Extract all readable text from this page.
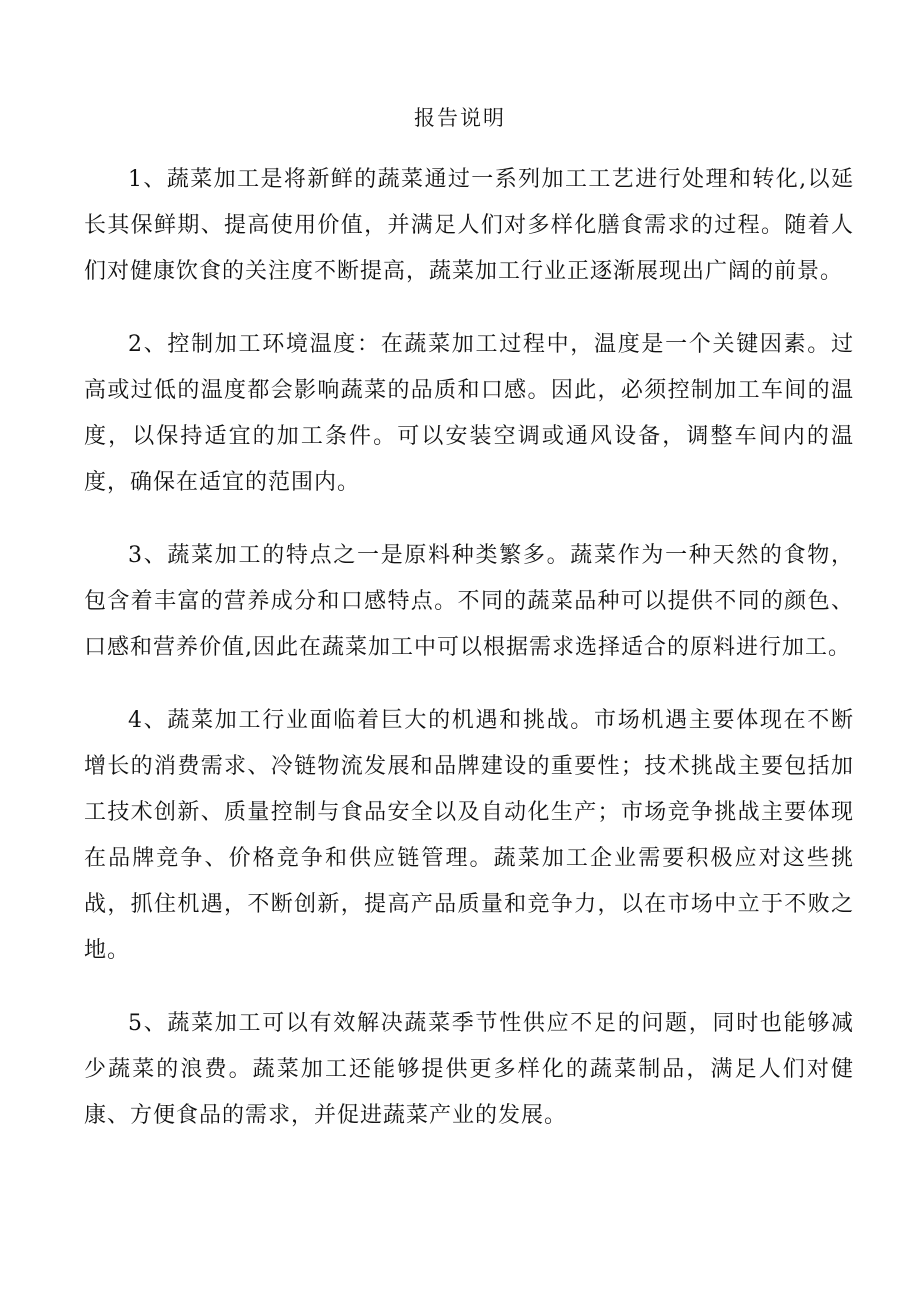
报告说明

1、蔬菜加工是将新鲜的蔬菜通过一系列加工工艺进行处理和转化,以延长其保鲜期、提高使用价值，并满足人们对多样化膳食需求的过程。随着人们对健康饮食的关注度不断提高，蔬菜加工行业正逐渐展现出广阔的前景。

2、控制加工环境温度：在蔬菜加工过程中，温度是一个关键因素。过高或过低的温度都会影响蔬菜的品质和口感。因此，必须控制加工车间的温度，以保持适宜的加工条件。可以安装空调或通风设备，调整车间内的温度，确保在适宜的范围内。

3、蔬菜加工的特点之一是原料种类繁多。蔬菜作为一种天然的食物，包含着丰富的营养成分和口感特点。不同的蔬菜品种可以提供不同的颜色、口感和营养价值,因此在蔬菜加工中可以根据需求选择适合的原料进行加工。

4、蔬菜加工行业面临着巨大的机遇和挑战。市场机遇主要体现在不断增长的消费需求、冷链物流发展和品牌建设的重要性；技术挑战主要包括加工技术创新、质量控制与食品安全以及自动化生产；市场竞争挑战主要体现在品牌竞争、价格竞争和供应链管理。蔬菜加工企业需要积极应对这些挑战，抓住机遇，不断创新，提高产品质量和竞争力，以在市场中立于不败之地。

5、蔬菜加工可以有效解决蔬菜季节性供应不足的问题，同时也能够减少蔬菜的浪费。蔬菜加工还能够提供更多样化的蔬菜制品，满足人们对健康、方便食品的需求，并促进蔬菜产业的发展。
